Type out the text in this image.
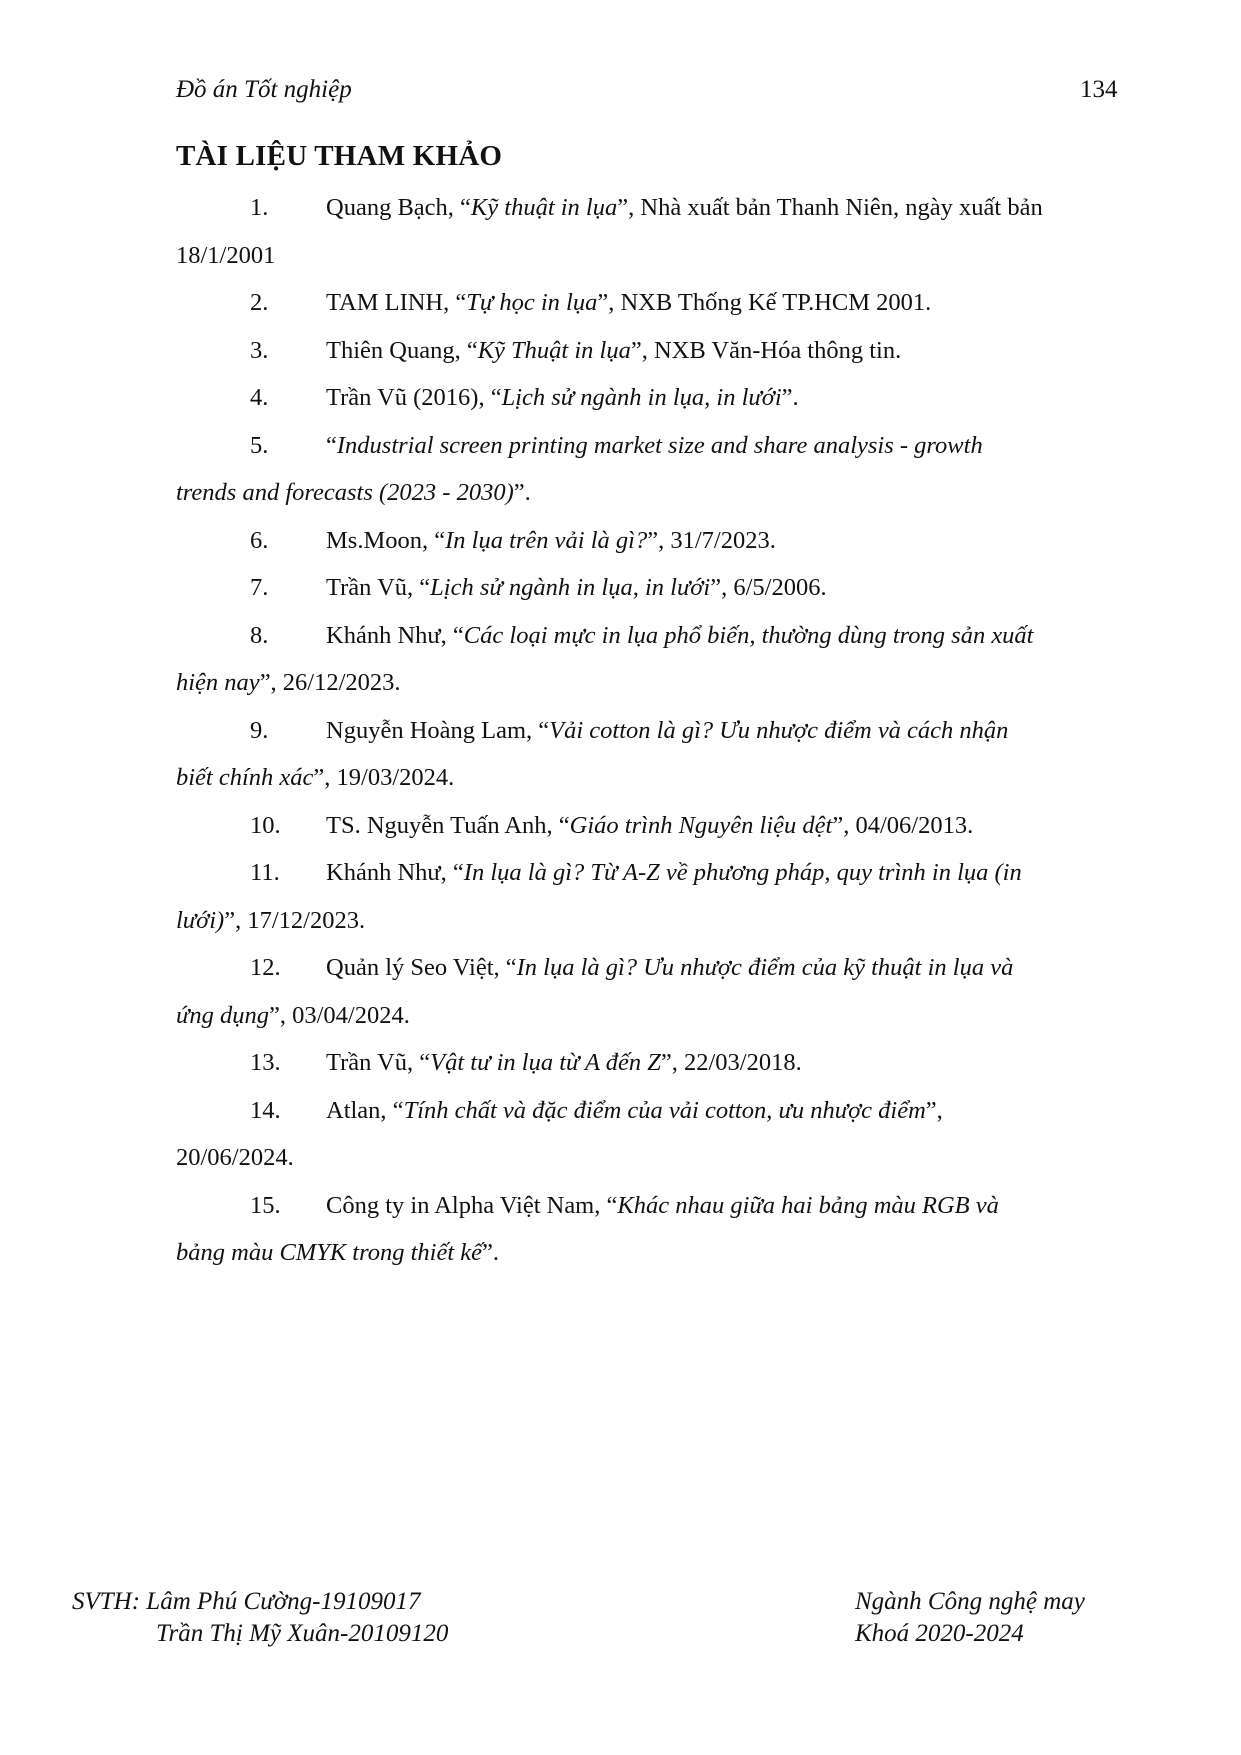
Đồ án Tốt nghiệp	134
TÀI LIỆU THAM KHẢO

1. Quang Bạch, “Kỹ thuật in lụa”, Nhà xuất bản Thanh Niên, ngày xuất bản
18/1/2001

2. TAM LINH, “Tự học in lụa”, NXB Thống Kế TP.HCM 2001.

3. Thiên Quang, “Kỹ Thuật in lụa”, NXB Văn-Hóa thông tin.

4. Trần Vũ (2016), “Lịch sử ngành in lụa, in lưới”.

5. “Industrial screen printing market size and share analysis - growth
trends and forecasts (2023 - 2030)”.

6. Ms.Moon, “In lụa trên vải là gì?”, 31/7/2023.

7. Trần Vũ, “Lịch sử ngành in lụa, in lưới”, 6/5/2006.

8. Khánh Như, “Các loại mực in lụa phổ biến, thường dùng trong sản xuất
hiện nay”, 26/12/2023.

9. Nguyễn Hoàng Lam, “Vải cotton là gì? Ưu nhược điểm và cách nhận
biết chính xác”, 19/03/2024.

10. TS. Nguyễn Tuấn Anh, “Giáo trình Nguyên liệu dệt”, 04/06/2013.

11. Khánh Như, “In lụa là gì? Từ A-Z về phương pháp, quy trình in lụa (in
lưới)”, 17/12/2023.

12. Quản lý Seo Việt, “In lụa là gì? Ưu nhược điểm của kỹ thuật in lụa và
ứng dụng”, 03/04/2024.

13. Trần Vũ, “Vật tư in lụa từ A đến Z”, 22/03/2018.

14. Atlan, “Tính chất và đặc điểm của vải cotton, ưu nhược điểm”,
20/06/2024.

15. Công ty in Alpha Việt Nam, “Khác nhau giữa hai bảng màu RGB và
bảng màu CMYK trong thiết kế”.

SVTH: Lâm Phú Cường-19109017
Trần Thị Mỹ Xuân-20109120
Ngành Công nghệ may
Khoá 2020-2024
